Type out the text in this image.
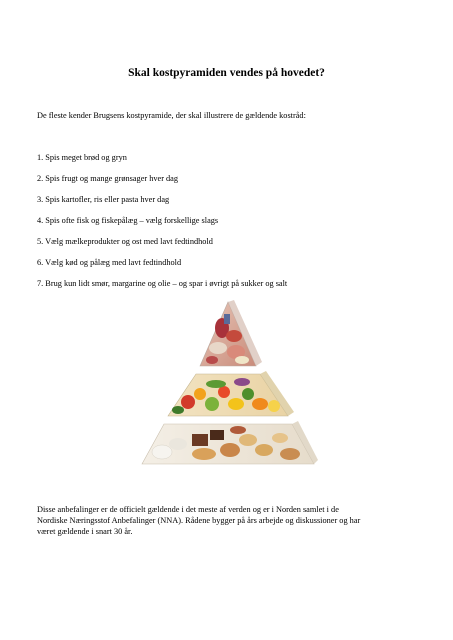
Skal kostpyramiden vendes på hovedet?
De fleste kender Brugsens kostpyramide, der skal illustrere de gældende kostråd:
1. Spis meget brød og gryn
2. Spis frugt og mange grønsager hver dag
3. Spis kartofler, ris eller pasta hver dag
4. Spis ofte fisk og fiskepålæg – vælg forskellige slags
5. Vælg mælkeprodukter og ost med lavt fedtindhold
6. Vælg kød og pålæg med lavt fedtindhold
7. Brug kun lidt smør, margarine og olie – og spar i øvrigt på sukker og salt
Disse anbefalinger er de officielt gældende i det meste af verden og er i Norden samlet i de
Nordiske Næringsstof Anbefalinger (NNA). Rådene bygger på års arbejde og diskussioner og har
været gældende i snart 30 år.
